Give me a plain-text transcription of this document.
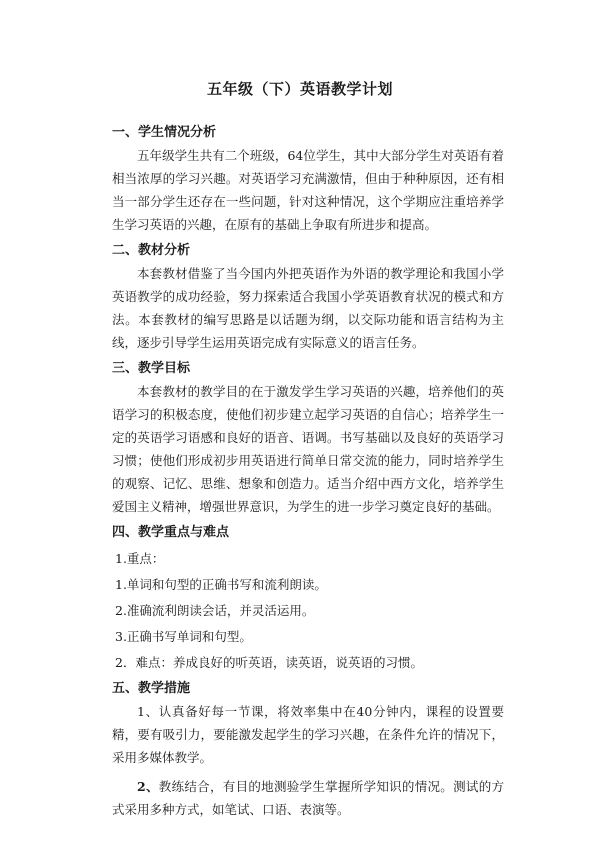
五年级（下）英语教学计划
一、学生情况分析

五年级学生共有二个班级，64位学生，其中大部分学生对英语有着相当浓厚的学习兴趣。对英语学习充满激情，但由于种种原因，还有相当一部分学生还存在一些问题，针对这种情况，这个学期应注重培养学生学习英语的兴趣，在原有的基础上争取有所进步和提高。

二、教材分析

本套教材借鉴了当今国内外把英语作为外语的教学理论和我国小学英语教学的成功经验，努力探索适合我国小学英语教育状况的模式和方法。本套教材的编写思路是以话题为纲，以交际功能和语言结构为主线，逐步引导学生运用英语完成有实际意义的语言任务。

三、教学目标

本套教材的教学目的在于激发学生学习英语的兴趣，培养他们的英语学习的积极态度，使他们初步建立起学习英语的自信心；培养学生一定的英语学习语感和良好的语音、语调。书写基础以及良好的英语学习习惯；使他们形成初步用英语进行简单日常交流的能力，同时培养学生的观察、记忆、思维、想象和创造力。适当介绍中西方文化，培养学生爱国主义精神，增强世界意识，为学生的进一步学习奠定良好的基础。

四、教学重点与难点
1.重点：
1.单词和句型的正确书写和流利朗读。
2.准确流利朗读会话，并灵活运用。
3.正确书写单词和句型。
2．难点：养成良好的听英语，读英语，说英语的习惯。
五、教学措施

1、认真备好每一节课，将效率集中在40分钟内，课程的设置要精，要有吸引力，要能激发起学生的学习兴趣，在条件允许的情况下，采用多媒体教学。

2、教练结合，有目的地测验学生掌握所学知识的情况。测试的方式采用多种方式，如笔试、口语、表演等。
